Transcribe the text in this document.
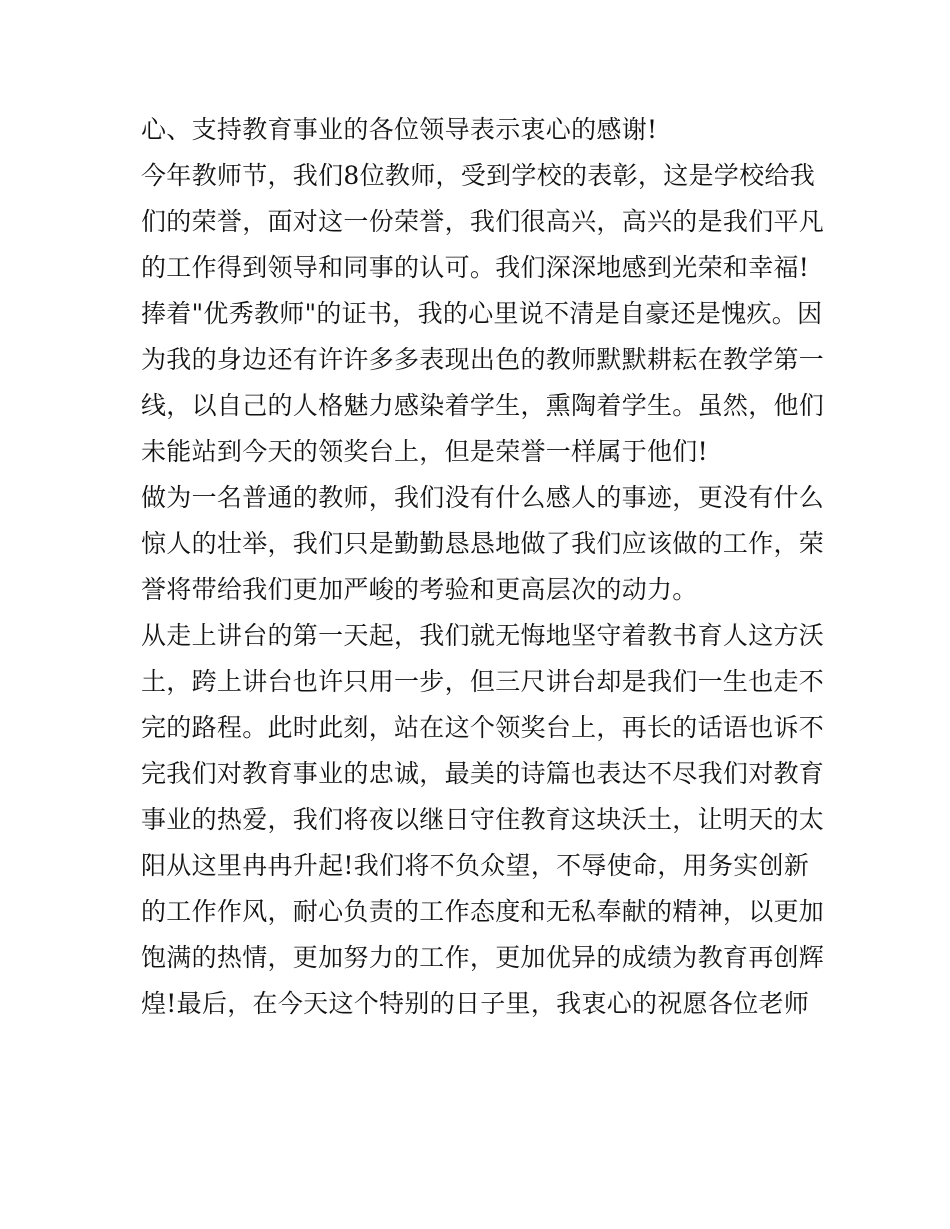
心、支持教育事业的各位领导表示衷心的感谢!
今年教师节，我们8位教师，受到学校的表彰，这是学校给我
们的荣誉，面对这一份荣誉，我们很高兴，高兴的是我们平凡
的工作得到领导和同事的认可。我们深深地感到光荣和幸福!
捧着"优秀教师"的证书，我的心里说不清是自豪还是愧疚。因
为我的身边还有许许多多表现出色的教师默默耕耘在教学第一
线，以自己的人格魅力感染着学生，熏陶着学生。虽然，他们
未能站到今天的领奖台上，但是荣誉一样属于他们!
做为一名普通的教师，我们没有什么感人的事迹，更没有什么
惊人的壮举，我们只是勤勤恳恳地做了我们应该做的工作，荣
誉将带给我们更加严峻的考验和更高层次的动力。
从走上讲台的第一天起，我们就无悔地坚守着教书育人这方沃
土，跨上讲台也许只用一步，但三尺讲台却是我们一生也走不
完的路程。此时此刻，站在这个领奖台上，再长的话语也诉不
完我们对教育事业的忠诚，最美的诗篇也表达不尽我们对教育
事业的热爱，我们将夜以继日守住教育这块沃土，让明天的太
阳从这里冉冉升起!我们将不负众望，不辱使命，用务实创新
的工作作风，耐心负责的工作态度和无私奉献的精神，以更加
饱满的热情，更加努力的工作，更加优异的成绩为教育再创辉
煌!最后，在今天这个特别的日子里，我衷心的祝愿各位老师
